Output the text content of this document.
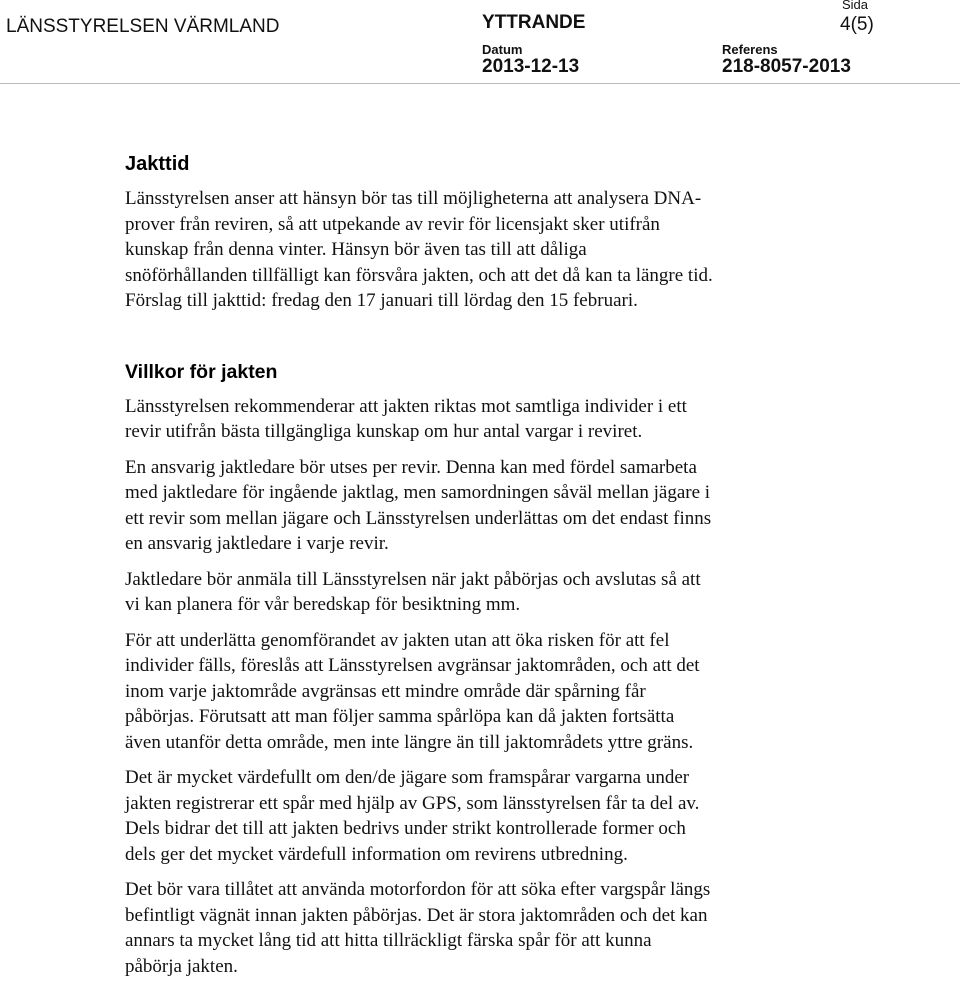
LÄNSSTYRELSEN VÄRMLAND	YTTRANDE
Sida
4(5)
Datum
2013-12-13
Referens
218-8057-2013
Jakttid

Länsstyrelsen anser att hänsyn bör tas till möjligheterna att analysera DNA-
prover från reviren, så att utpekande av revir för licensjakt sker utifrån
kunskap från denna vinter. Hänsyn bör även tas till att dåliga
snöförhållanden tillfälligt kan försvåra jakten, och att det då kan ta längre tid.
Förslag till jakttid: fredag den 17 januari till lördag den 15 februari.

Villkor för jakten

Länsstyrelsen rekommenderar att jakten riktas mot samtliga individer i ett
revir utifrån bästa tillgängliga kunskap om hur antal vargar i reviret.

En ansvarig jaktledare bör utses per revir. Denna kan med fördel samarbeta
med jaktledare för ingående jaktlag, men samordningen såväl mellan jägare i
ett revir som mellan jägare och Länsstyrelsen underlättas om det endast finns
en ansvarig jaktledare i varje revir.

Jaktledare bör anmäla till Länsstyrelsen när jakt påbörjas och avslutas så att
vi kan planera för vår beredskap för besiktning mm.

För att underlätta genomförandet av jakten utan att öka risken för att fel
individer fälls, föreslås att Länsstyrelsen avgränsar jaktområden, och att det
inom varje jaktområde avgränsas ett mindre område där spårning får
påbörjas. Förutsatt att man följer samma spårlöpa kan då jakten fortsätta
även utanför detta område, men inte längre än till jaktområdets yttre gräns.

Det är mycket värdefullt om den/de jägare som framspårar vargarna under
jakten registrerar ett spår med hjälp av GPS, som länsstyrelsen får ta del av.
Dels bidrar det till att jakten bedrivs under strikt kontrollerade former och
dels ger det mycket värdefull information om revirens utbredning.

Det bör vara tillåtet att använda motorfordon för att söka efter vargspår längs
befintligt vägnät innan jakten påbörjas. Det är stora jaktområden och det kan
annars ta mycket lång tid att hitta tillräckligt färska spår för att kunna
påbörja jakten.
